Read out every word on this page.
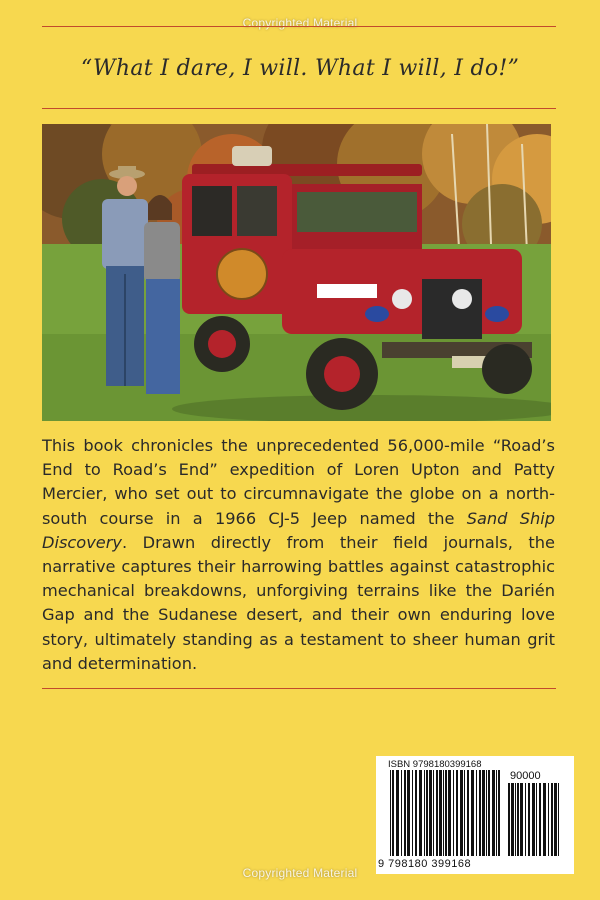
Copyrighted Material
“What I dare, I will. What I will, I do!”
This book chronicles the unprecedented 56,000-mile “Road’s End to Road’s End” expedition of Loren Upton and Patty Mercier, who set out to circumnavigate the globe on a north-south course in a 1966 CJ-5 Jeep named the Sand Ship Discovery. Drawn directly from their field journals, the narrative captures their harrowing battles against catastrophic mechanical breakdowns, unforgiving terrains like the Darién Gap and the Sudanese desert, and their own enduring love story, ultimately standing as a testament to sheer human grit and determination.
ISBN 9798180399168
90000
9 798180 399168
Copyrighted Material
